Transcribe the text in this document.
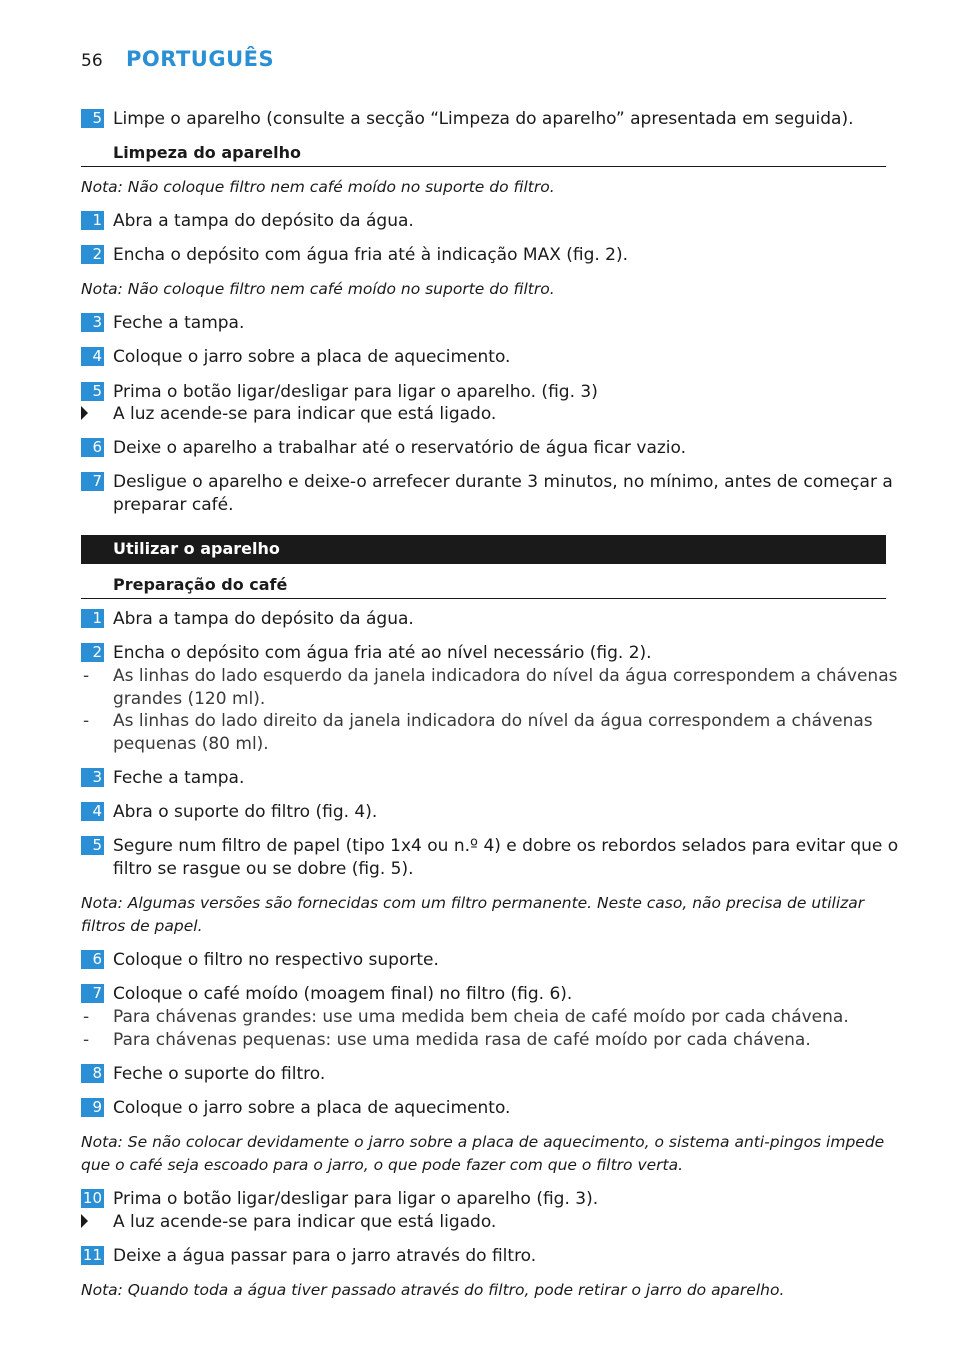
56 PORTUGUÊS
5 Limpe o aparelho (consulte a secção “Limpeza do aparelho” apresentada em seguida).
Limpeza do aparelho
Nota: Não coloque filtro nem café moído no suporte do filtro.
1 Abra a tampa do depósito da água.
2 Encha o depósito com água fria até à indicação MAX (fig. 2).
Nota: Não coloque filtro nem café moído no suporte do filtro.
3 Feche a tampa.
4 Coloque o jarro sobre a placa de aquecimento.
5 Prima o botão ligar/desligar para ligar o aparelho. (fig. 3)
A luz acende-se para indicar que está ligado.
6 Deixe o aparelho a trabalhar até o reservatório de água ficar vazio.
7 Desligue o aparelho e deixe-o arrefecer durante 3 minutos, no mínimo, antes de começar a
preparar café.
Utilizar o aparelho
Preparação do café
1 Abra a tampa do depósito da água.
2 Encha o depósito com água fria até ao nível necessário (fig. 2).
- As linhas do lado esquerdo da janela indicadora do nível da água correspondem a chávenas
grandes (120 ml).
- As linhas do lado direito da janela indicadora do nível da água correspondem a chávenas
pequenas (80 ml).
3 Feche a tampa.
4 Abra o suporte do filtro (fig. 4).
5 Segure num filtro de papel (tipo 1x4 ou n.º 4) e dobre os rebordos selados para evitar que o
filtro se rasgue ou se dobre (fig. 5).
Nota: Algumas versões são fornecidas com um filtro permanente. Neste caso, não precisa de utilizar
filtros de papel.
6 Coloque o filtro no respectivo suporte.
7 Coloque o café moído (moagem final) no filtro (fig. 6).
- Para chávenas grandes: use uma medida bem cheia de café moído por cada chávena.
- Para chávenas pequenas: use uma medida rasa de café moído por cada chávena.
8 Feche o suporte do filtro.
9 Coloque o jarro sobre a placa de aquecimento.
Nota: Se não colocar devidamente o jarro sobre a placa de aquecimento, o sistema anti-pingos impede
que o café seja escoado para o jarro, o que pode fazer com que o filtro verta.
10 Prima o botão ligar/desligar para ligar o aparelho (fig. 3).
A luz acende-se para indicar que está ligado.
11 Deixe a água passar para o jarro através do filtro.
Nota: Quando toda a água tiver passado através do filtro, pode retirar o jarro do aparelho.
